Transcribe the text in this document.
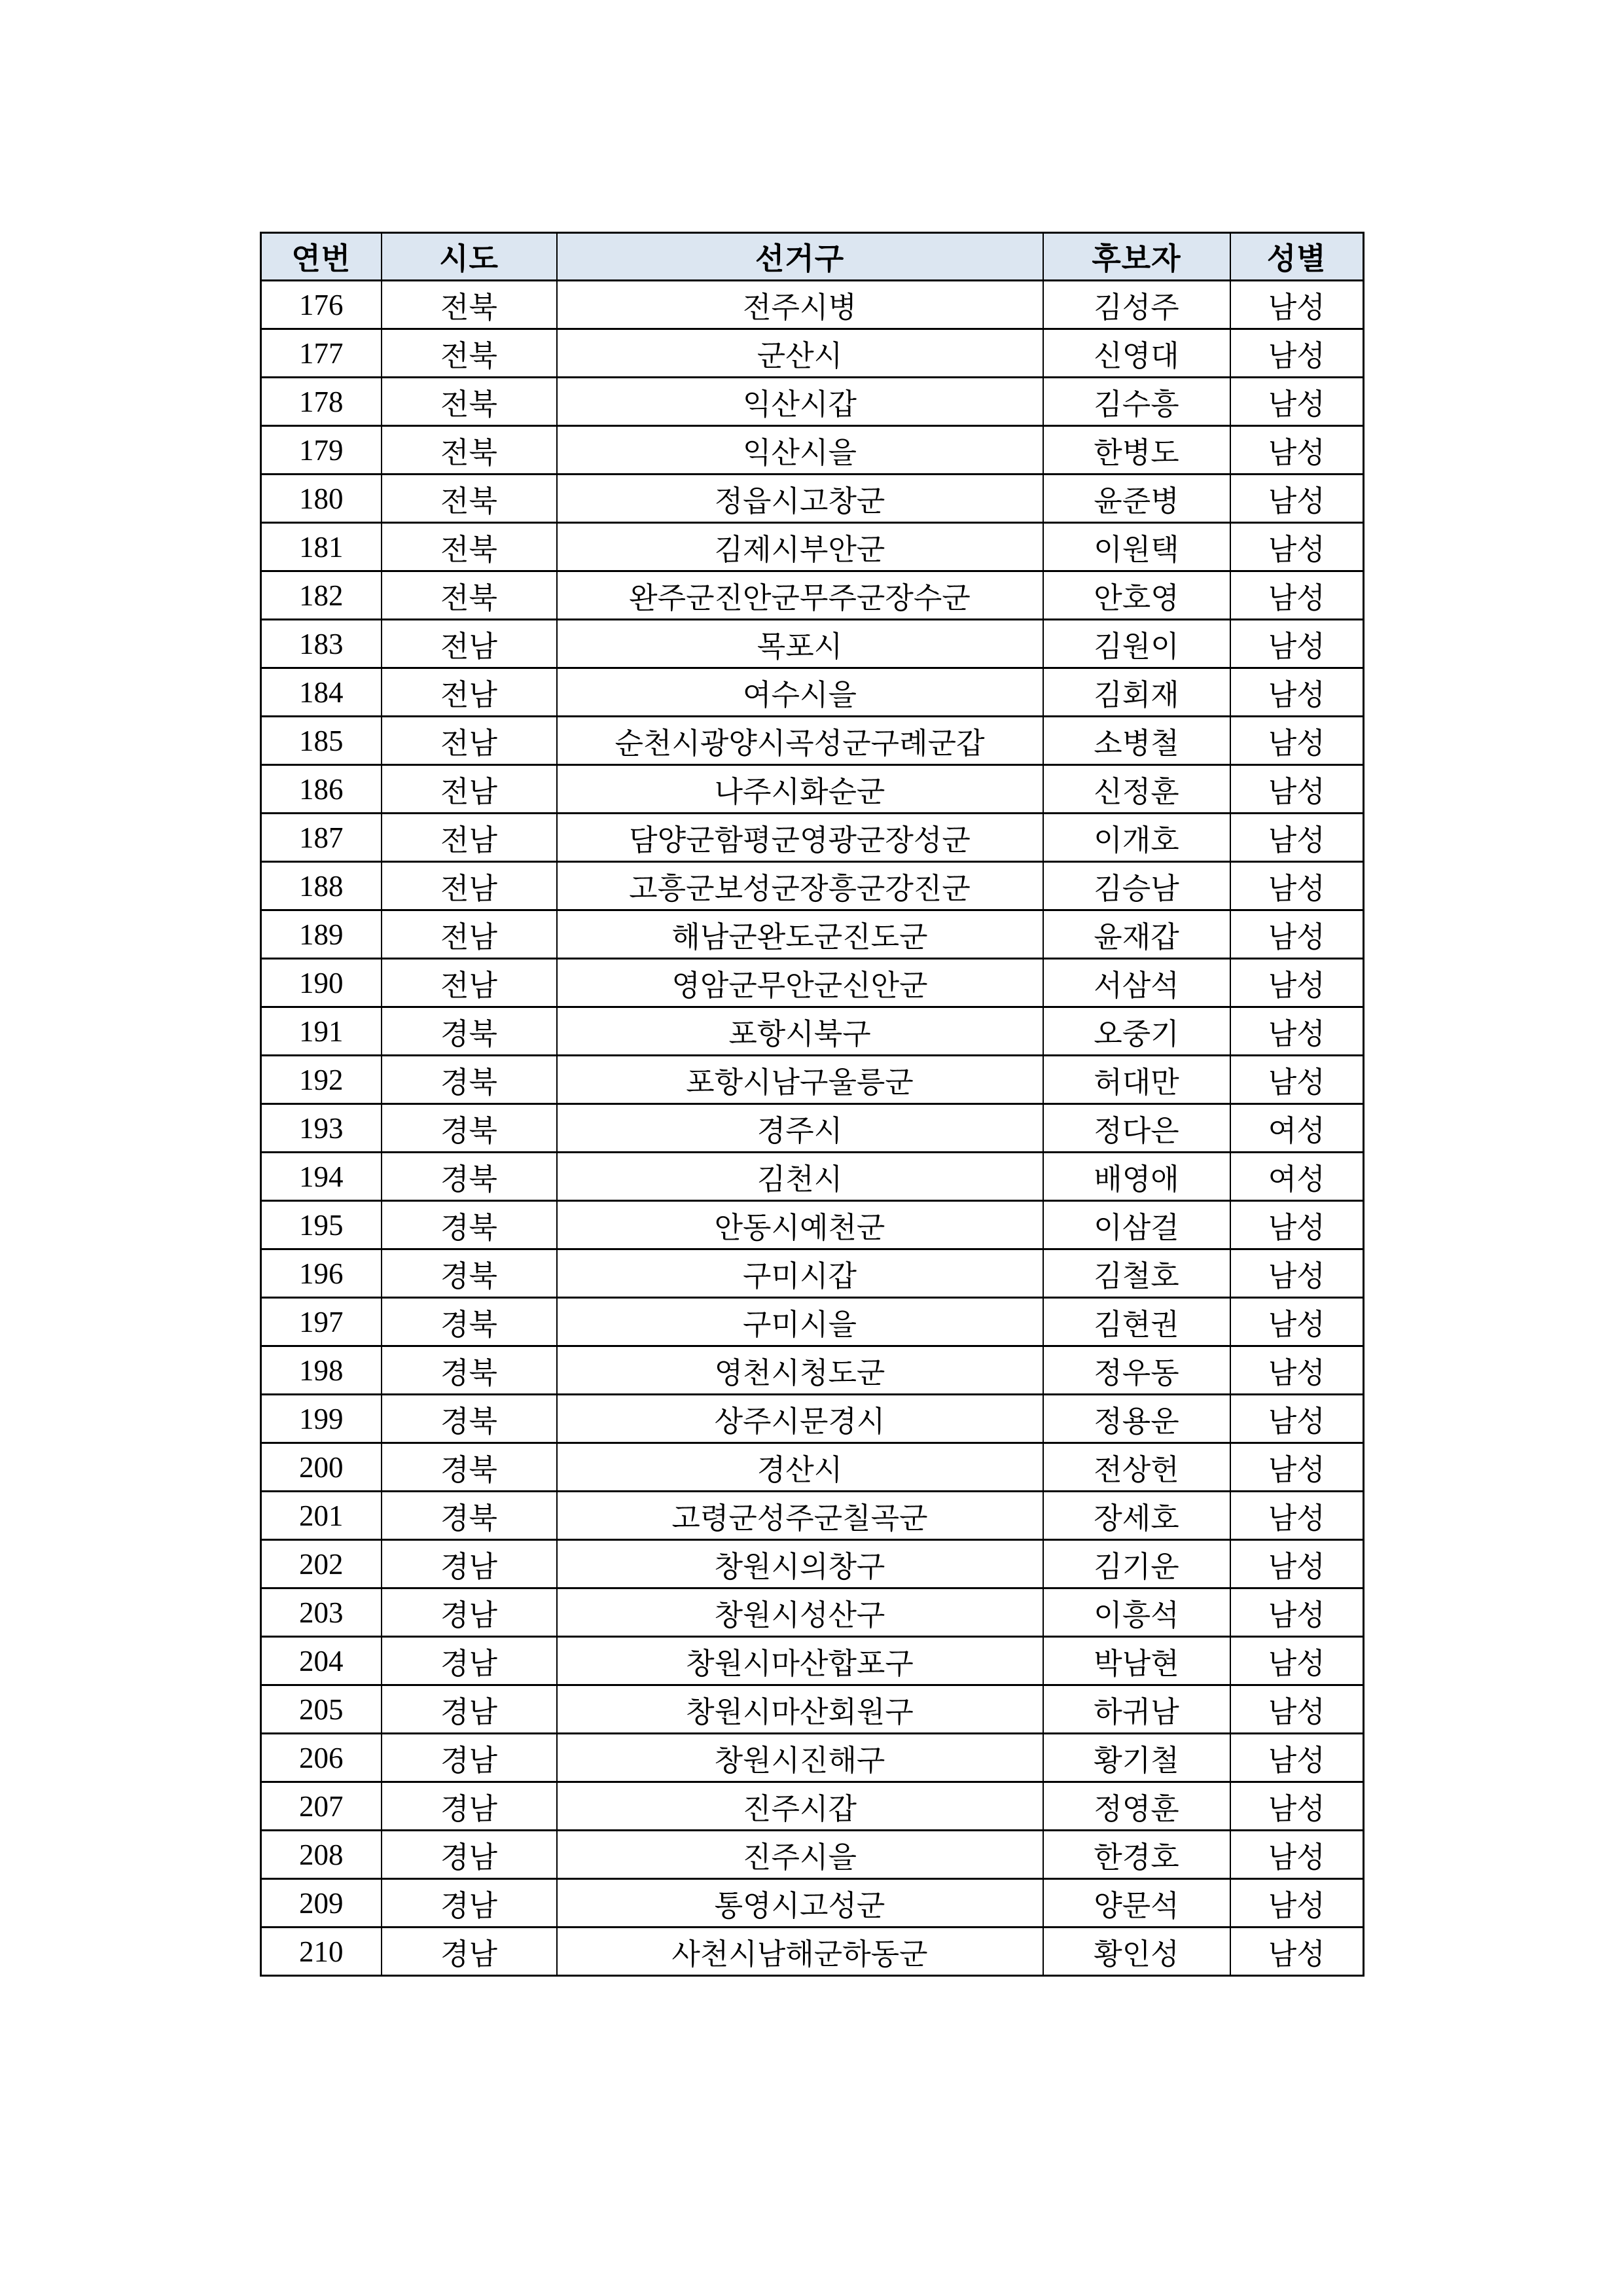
연번	시도	선거구	후보자	성별
176	전북	전주시병	김성주	남성
177	전북	군산시	신영대	남성
178	전북	익산시갑	김수흥	남성
179	전북	익산시을	한병도	남성
180	전북	정읍시고창군	윤준병	남성
181	전북	김제시부안군	이원택	남성
182	전북	완주군진안군무주군장수군	안호영	남성
183	전남	목포시	김원이	남성
184	전남	여수시을	김회재	남성
185	전남	순천시광양시곡성군구례군갑	소병철	남성
186	전남	나주시화순군	신정훈	남성
187	전남	담양군함평군영광군장성군	이개호	남성
188	전남	고흥군보성군장흥군강진군	김승남	남성
189	전남	해남군완도군진도군	윤재갑	남성
190	전남	영암군무안군신안군	서삼석	남성
191	경북	포항시북구	오중기	남성
192	경북	포항시남구울릉군	허대만	남성
193	경북	경주시	정다은	여성
194	경북	김천시	배영애	여성
195	경북	안동시예천군	이삼걸	남성
196	경북	구미시갑	김철호	남성
197	경북	구미시을	김현권	남성
198	경북	영천시청도군	정우동	남성
199	경북	상주시문경시	정용운	남성
200	경북	경산시	전상헌	남성
201	경북	고령군성주군칠곡군	장세호	남성
202	경남	창원시의창구	김기운	남성
203	경남	창원시성산구	이흥석	남성
204	경남	창원시마산합포구	박남현	남성
205	경남	창원시마산회원구	하귀남	남성
206	경남	창원시진해구	황기철	남성
207	경남	진주시갑	정영훈	남성
208	경남	진주시을	한경호	남성
209	경남	통영시고성군	양문석	남성
210	경남	사천시남해군하동군	황인성	남성
